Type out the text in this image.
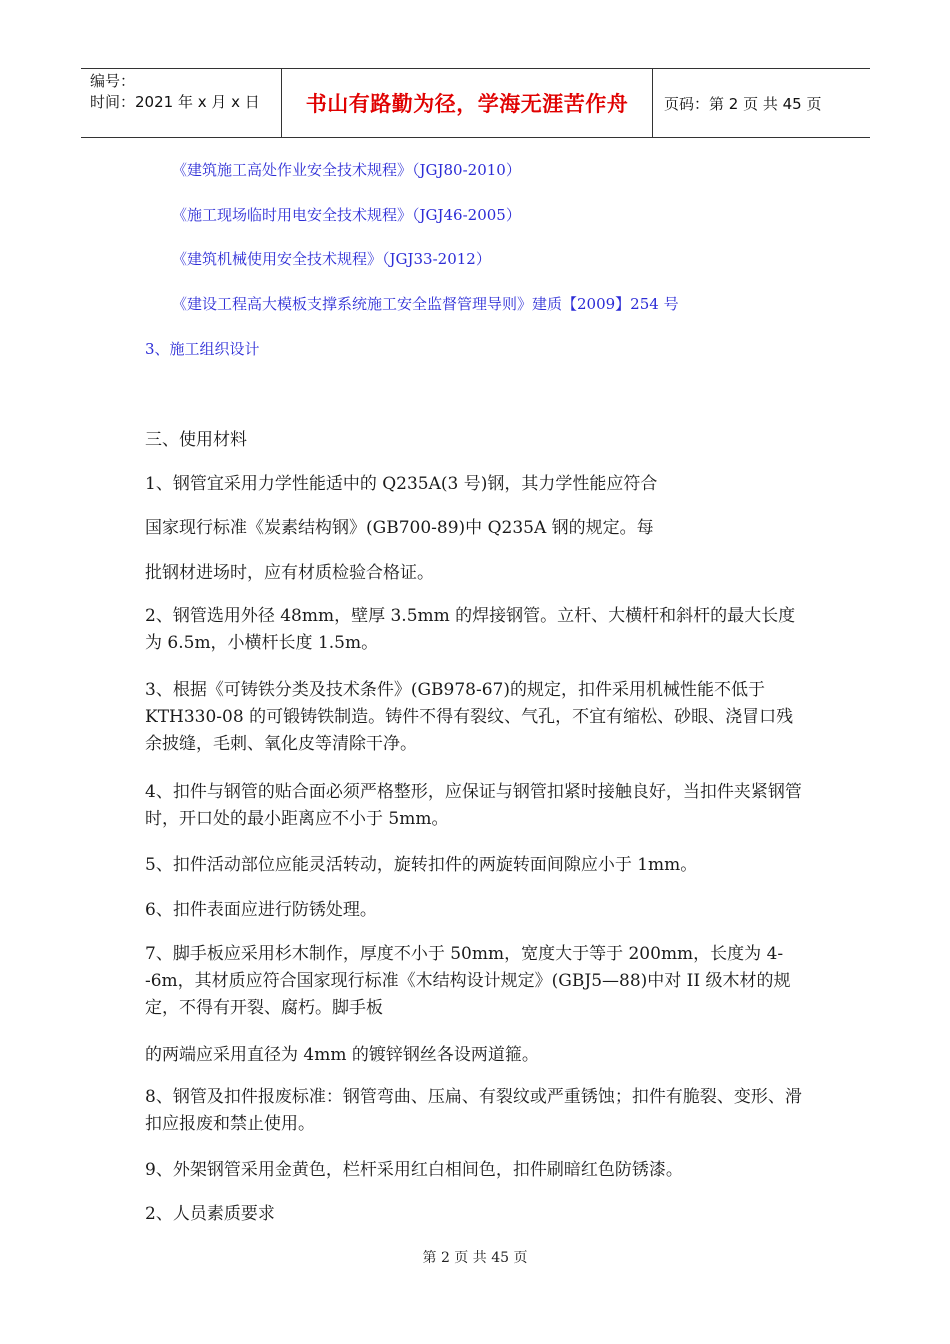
编号：
时间：2021 年 x 月 x 日	书山有路勤为径，学海无涯苦作舟	页码：第 2 页 共 45 页
《建筑施工高处作业安全技术规程》（JGJ80-2010）
《施工现场临时用电安全技术规程》（JGJ46-2005）
《建筑机械使用安全技术规程》（JGJ33-2012）
《建设工程高大模板支撑系统施工安全监督管理导则》建质【2009】254 号
3、施工组织设计
三、使用材料
1、钢管宜采用力学性能适中的 Q235A(3 号)钢，其力学性能应符合
国家现行标准《炭素结构钢》(GB700-89)中 Q235A 钢的规定。每
批钢材进场时，应有材质检验合格证。
2、钢管选用外径 48mm，壁厚 3.5mm 的焊接钢管。立杆、大横杆和斜杆的最大长度为 6.5m，小横杆长度 1.5m。
3、根据《可铸铁分类及技术条件》(GB978-67)的规定，扣件采用机械性能不低于 KTH330-08 的可锻铸铁制造。铸件不得有裂纹、气孔，不宜有缩松、砂眼、浇冒口残余披缝，毛刺、氧化皮等清除干净。
4、扣件与钢管的贴合面必须严格整形，应保证与钢管扣紧时接触良好，当扣件夹紧钢管时，开口处的最小距离应不小于 5mm。
5、扣件活动部位应能灵活转动，旋转扣件的两旋转面间隙应小于 1mm。
6、扣件表面应进行防锈处理。
7、脚手板应采用杉木制作，厚度不小于 50mm，宽度大于等于 200mm，长度为 4--6m，其材质应符合国家现行标准《木结构设计规定》(GBJ5—88)中对 II 级木材的规定，不得有开裂、腐朽。脚手板
的两端应采用直径为 4mm 的镀锌钢丝各设两道箍。
8、钢管及扣件报废标准：钢管弯曲、压扁、有裂纹或严重锈蚀；扣件有脆裂、变形、滑扣应报废和禁止使用。
9、外架钢管采用金黄色，栏杆采用红白相间色，扣件刷暗红色防锈漆。
2、人员素质要求
第 2 页 共 45 页
